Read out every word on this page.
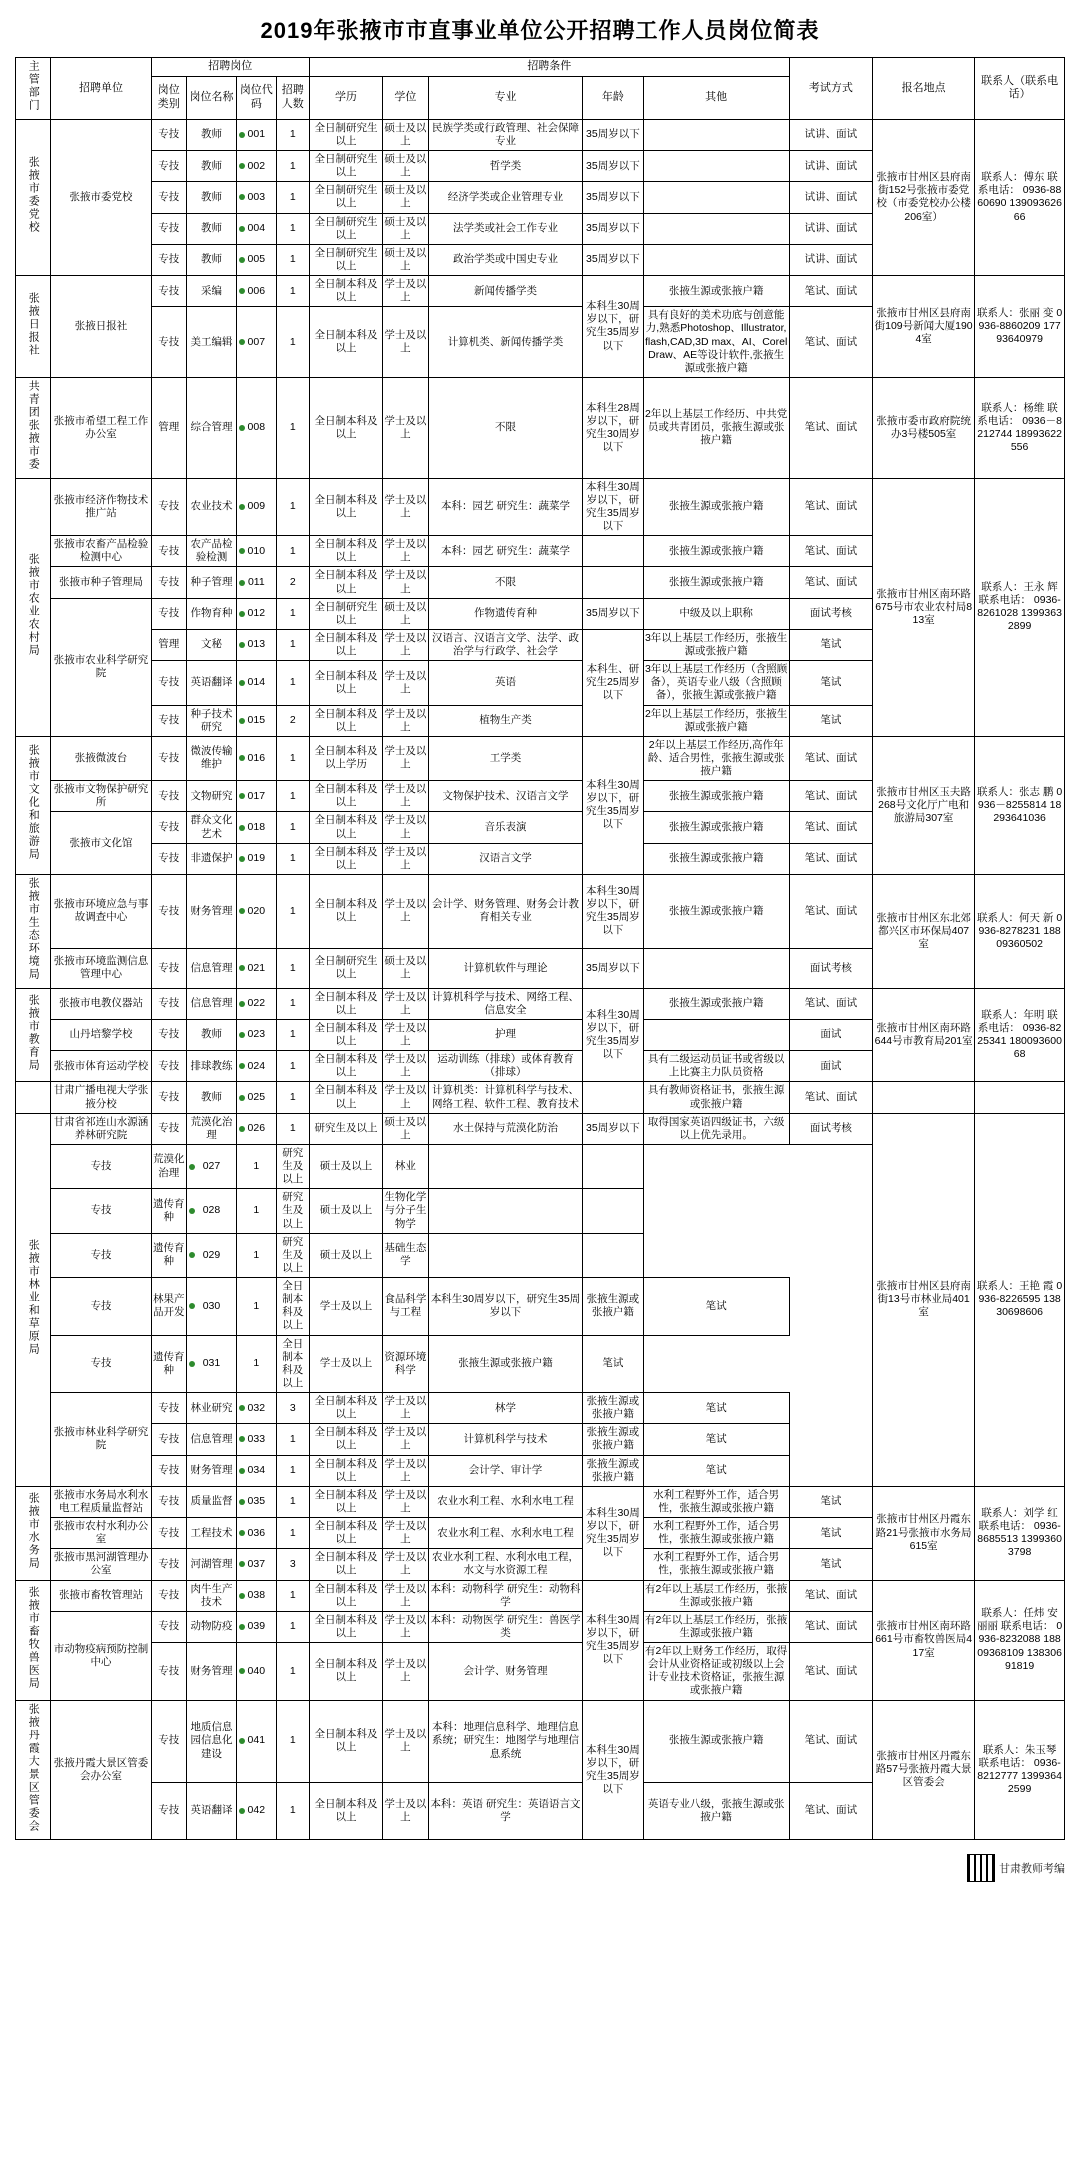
2019年张掖市市直事业单位公开招聘工作人员岗位简表
主管部门	招聘单位	招聘岗位				招聘条件					考试方式	报名地点	联系人（联系电话）
		岗位类别	岗位名称	岗位代码	招聘人数	学历	学位	专业	年龄	其他			

张掖市委党校	张掖市委党校	专技	教师	001	1	全日制研究生以上	硕士及以上	民族学类或行政管理、社会保障专业	35周岁以下		试讲、面试	张掖市甘州区县府南街152号张掖市委党校（市委党校办公楼206室）	联系人：傅东 联系电话： 0936-8860690 13909362666
		专技	教师	002	1	全日制研究生以上	硕士及以上	哲学类	35周岁以下		试讲、面试		
		专技	教师	003	1	全日制研究生以上	硕士及以上	经济学类或企业管理专业	35周岁以下		试讲、面试		
		专技	教师	004	1	全日制研究生以上	硕士及以上	法学类或社会工作专业	35周岁以下		试讲、面试		
		专技	教师	005	1	全日制研究生以上	硕士及以上	政治学类或中国史专业	35周岁以下		试讲、面试		
张掖日报社	张掖日报社	专技	采编	006	1	全日制本科及以上	学士及以上	新闻传播学类	本科生30周岁以下，研究生35周岁以下	张掖生源或张掖户籍	笔试、面试	张掖市甘州区县府南街109号新闻大厦1904室	联系人：张丽 变 0936-8860209 17793640979
		专技	美工编辑	007	1	全日制本科及以上	学士及以上	计算机类、新闻传播学类		具有良好的美术功底与创意能力,熟悉Photoshop、Illustrator,flash,CAD,3D max、AI、CorelDraw、AE等设计软件,张掖生源或张掖户籍	笔试、面试		
共青团张掖市委	张掖市希望工程工作办公室	管理	综合管理	008	1	全日制本科及以上	学士及以上	不限	本科生28周岁以下，研究生30周岁以下	2年以上基层工作经历、中共党员或共青团员，张掖生源或张掖户籍	笔试、面试	张掖市委市政府院统办3号楼505室	联系人：杨维 联系电话： 0936－8212744 18993622556
张掖市农业农村局	张掖市经济作物技术推广站	专技	农业技术	009	1	全日制本科及以上	学士及以上	本科：园艺 研究生：蔬菜学	本科生30周岁以下，研究生35周岁以下	张掖生源或张掖户籍	笔试、面试	张掖市甘州区南环路675号市农业农村局813室	联系人：王永 辉 联系电话： 0936-8261028 13993632899
	张掖市农畜产品检验检测中心	专技	农产品检验检测	010	1	全日制本科及以上	学士及以上	本科：园艺 研究生：蔬菜学		张掖生源或张掖户籍	笔试、面试		
	张掖市种子管理局	专技	种子管理	011	2	全日制本科及以上	学士及以上	不限		张掖生源或张掖户籍	笔试、面试		
	张掖市农业科学研究院	专技	作物育种	012	1	全日制研究生以上	硕士及以上	作物遗传育种	35周岁以下	中级及以上职称	面试考核		
		管理	文秘	013	1	全日制本科及以上	学士及以上	汉语言、汉语言文学、法学、政治学与行政学、社会学	本科生、研究生25周岁以下	3年以上基层工作经历，张掖生源或张掖户籍	笔试		
		专技	英语翻译	014	1	全日制本科及以上	学士及以上	英语		3年以上基层工作经历（含照顾备），英语专业八级（含照顾备），张掖生源或张掖户籍	笔试		
		专技	种子技术研究	015	2	全日制本科及以上	学士及以上	植物生产类		2年以上基层工作经历，张掖生源或张掖户籍	笔试		
张掖市文化和旅游局	张掖微波台	专技	微波传输维护	016	1	全日制本科及以上学历	学士及以上	工学类	本科生30周岁以下，研究生35周岁以下	2年以上基层工作经历,高作年龄、适合男性，张掖生源或张掖户籍	笔试、面试	张掖市甘州区玉夫路268号文化厅广电和旅游局307室	联系人：张志 鹏 0936－8255814 18293641036
	张掖市文物保护研究所	专技	文物研究	017	1	全日制本科及以上	学士及以上	文物保护技术、汉语言文学		张掖生源或张掖户籍	笔试、面试		
	张掖市文化馆	专技	群众文化艺术	018	1	全日制本科及以上	学士及以上	音乐表演		张掖生源或张掖户籍	笔试、面试		
		专技	非遗保护	019	1	全日制本科及以上	学士及以上	汉语言文学		张掖生源或张掖户籍	笔试、面试		
张掖市生态环境局	张掖市环境应急与事故调查中心	专技	财务管理	020	1	全日制本科及以上	学士及以上	会计学、财务管理、财务会计教育相关专业	本科生30周岁以下，研究生35周岁以下	张掖生源或张掖户籍	笔试、面试	张掖市甘州区东北郊都兴区市环保局407室	联系人：何天 新 0936-8278231 18809360502
	张掖市环境监测信息管理中心	专技	信息管理	021	1	全日制研究生以上	硕士及以上	计算机软件与理论	35周岁以下		面试考核		
张掖市教育局	张掖市电教仪器站	专技	信息管理	022	1	全日制本科及以上	学士及以上	计算机科学与技术、网络工程、信息安全	本科生30周岁以下，研究生35周岁以下	张掖生源或张掖户籍	笔试、面试	张掖市甘州区南环路644号市教育局201室	联系人：年明 联系电话： 0936-8225341 18009360068
	山丹培黎学校	专技	教师	023	1	全日制本科及以上	学士及以上	护理			面试		
	张掖市体育运动学校	专技	排球教练	024	1	全日制本科及以上	学士及以上	运动训练（排球）或体育教育（排球）		具有二级运动员证书或省级以上比赛主力队员资格	面试		
	甘肃广播电视大学张掖分校	专技	教师	025	1	全日制本科及以上	学士及以上	计算机类：计算机科学与技术、网络工程、软件工程、教育技术		具有教师资格证书，张掖生源或张掖户籍	笔试、面试		
张掖市林业和草原局	甘肃省祁连山水源涵养林研究院	专技	荒漠化治理	026	1	研究生及以上	硕士及以上	水土保持与荒漠化防治	35周岁以下	取得国家英语四级证书，六级以上优先录用。	面试考核	张掖市甘州区县府南街13号市林业局401室	联系人：王艳 霞 0936-8226595 13830698606
	专技	荒漠化治理	027	1	研究生及以上	硕士及以上	林业						
	专技	遗传育种	028	1	研究生及以上	硕士及以上	生物化学与分子生物学						
	专技	遗传育种	029	1	研究生及以上	硕士及以上	基础生态学						
	专技	林果产品开发	030	1	全日制本科及以上	学士及以上	食品科学与工程	本科生30周岁以下，研究生35周岁以下	张掖生源或张掖户籍	笔试			
	专技	遗传育种	031	1	全日制本科及以上	学士及以上	资源环境科学	张掖生源或张掖户籍	笔试				
	张掖市林业科学研究院	专技	林业研究	032	3	全日制本科及以上	学士及以上	林学	张掖生源或张掖户籍	笔试			
		专技	信息管理	033	1	全日制本科及以上	学士及以上	计算机科学与技术	张掖生源或张掖户籍	笔试			
		专技	财务管理	034	1	全日制本科及以上	学士及以上	会计学、审计学	张掖生源或张掖户籍	笔试			
张掖市水务局	张掖市水务局水利水电工程质量监督站	专技	质量监督	035	1	全日制本科及以上	学士及以上	农业水利工程、水利水电工程	本科生30周岁以下，研究生35周岁以下	水利工程野外工作，适合男性，张掖生源或张掖户籍	笔试	张掖市甘州区丹霞东路21号张掖市水务局615室	联系人：刘学 红 联系电话： 0936-8685513 13993603798
	张掖市农村水利办公室	专技	工程技术	036	1	全日制本科及以上	学士及以上	农业水利工程、水利水电工程		水利工程野外工作，适合男性，张掖生源或张掖户籍	笔试		
	张掖市黑河湖管理办公室	专技	河湖管理	037	3	全日制本科及以上	学士及以上	农业水利工程、水利水电工程，水文与水资源工程		水利工程野外工作，适合男性，张掖生源或张掖户籍	笔试		
张掖市畜牧兽医局	张掖市畜牧管理站	专技	肉牛生产技术	038	1	全日制本科及以上	学士及以上	本科：动物科学 研究生：动物科学	本科生30周岁以下，研究生35周岁以下	有2年以上基层工作经历，张掖生源或张掖户籍	笔试、面试	张掖市甘州区南环路661号市畜牧兽医局417室	联系人：任炜 安丽丽 联系电话： 0936-8232088 18809368109 13830691819
	市动物疫病预防控制中心	专技	动物防疫	039	1	全日制本科及以上	学士及以上	本科：动物医学 研究生：兽医学类		有2年以上基层工作经历，张掖生源或张掖户籍	笔试、面试		
		专技	财务管理	040	1	全日制本科及以上	学士及以上	会计学、财务管理		有2年以上财务工作经历，取得会计从业资格证或初级以上会计专业技术资格证，张掖生源或张掖户籍	笔试、面试		
张掖丹霞大景区管委会	张掖丹霞大景区管委会办公室	专技	地质信息园信息化建设	041	1	全日制本科及以上	学士及以上	本科：地理信息科学、地理信息系统；研究生：地图学与地理信息系统	本科生30周岁以下，研究生35周岁以下	张掖生源或张掖户籍	笔试、面试	张掖市甘州区丹霞东路57号张掖丹霞大景区管委会	联系人：朱玉琴 联系电话： 0936-8212777 13993642599
		专技	英语翻译	042	1	全日制本科及以上	学士及以上	本科：英语 研究生：英语语言文学		英语专业八级，张掖生源或张掖户籍	笔试、面试		
甘肃教师考编
